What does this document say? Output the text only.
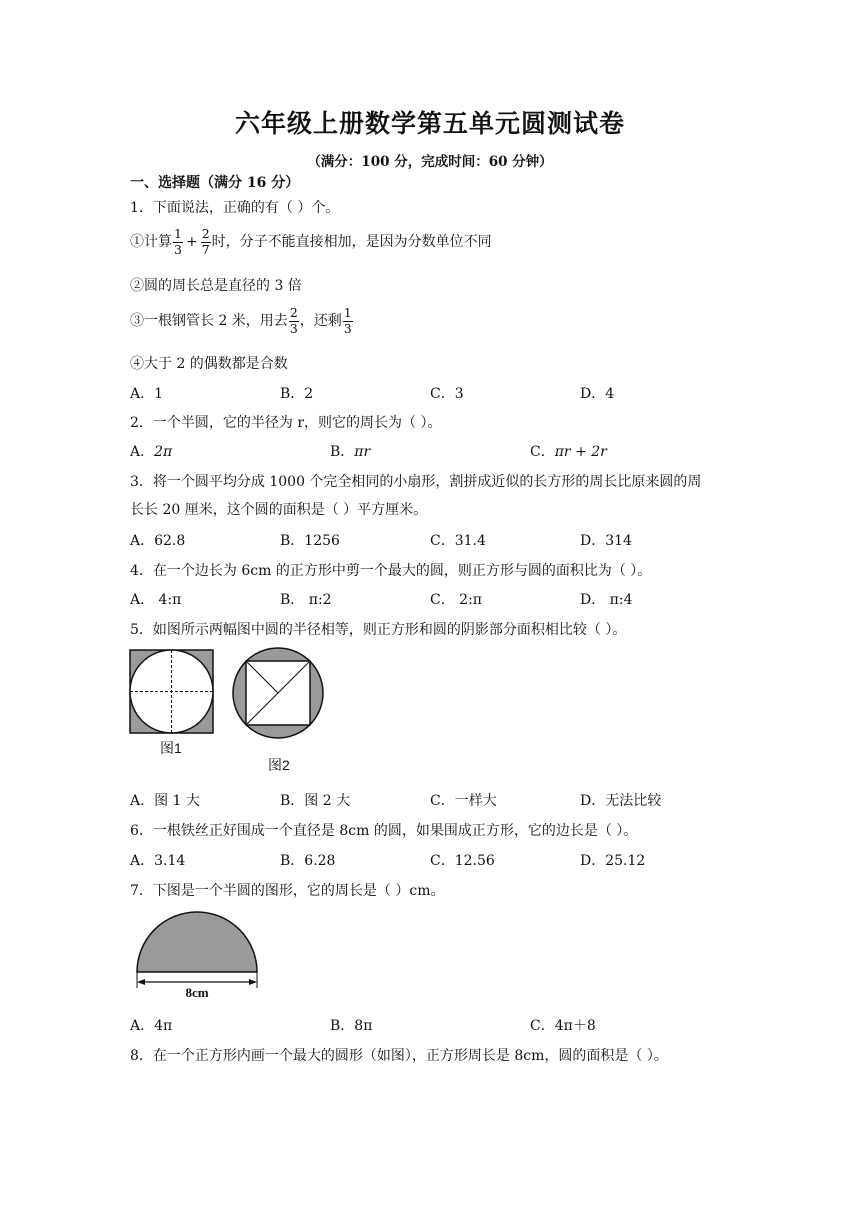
六年级上册数学第五单元圆测试卷
（满分：100 分，完成时间：60 分钟）
一、选择题（满分 16 分）
1．下面说法，正确的有（ ）个。
①计算 $\frac{1}{3} + \frac{2}{7}$ 时，分子不能直接相加，是因为分数单位不同
②圆的周长总是直径的 3 倍
③一根钢管长 2 米，用去 $\frac{2}{3}$ ，还剩 $\frac{1}{3}$
④大于 2 的偶数都是合数
A．1	B．2	C．3	D．4
2．一个半圆，它的半径为 r，则它的周长为（ ）。
A．2π	B．πr	C．πr + 2r
3．将一个圆平均分成 1000 个完全相同的小扇形，割拼成近似的长方形的周长比原来圆的周
长长 20 厘米，这个圆的面积是（ ）平方厘米。
A．62.8	B．1256	C．31.4	D．314
4．在一个边长为 6cm 的正方形中剪一个最大的圆，则正方形与圆的面积比为（ ）。
A． 4:π	B． π:2	C． 2:π	D． π:4
5．如图所示两幅图中圆的半径相等，则正方形和圆的阴影部分面积相比较（ ）。
图1
图2
A．图 1 大	B．图 2 大	C．一样大	D．无法比较
6．一根铁丝正好围成一个直径是 8cm 的圆，如果围成正方形，它的边长是（ ）。
A．3.14	B．6.28	C．12.56	D．25.12
7．下图是一个半圆的图形，它的周长是（ ）cm。
8cm
A．4π	B．8π	C．4π＋8
8．在一个正方形内画一个最大的圆形（如图），正方形周长是 8cm，圆的面积是（ ）。
